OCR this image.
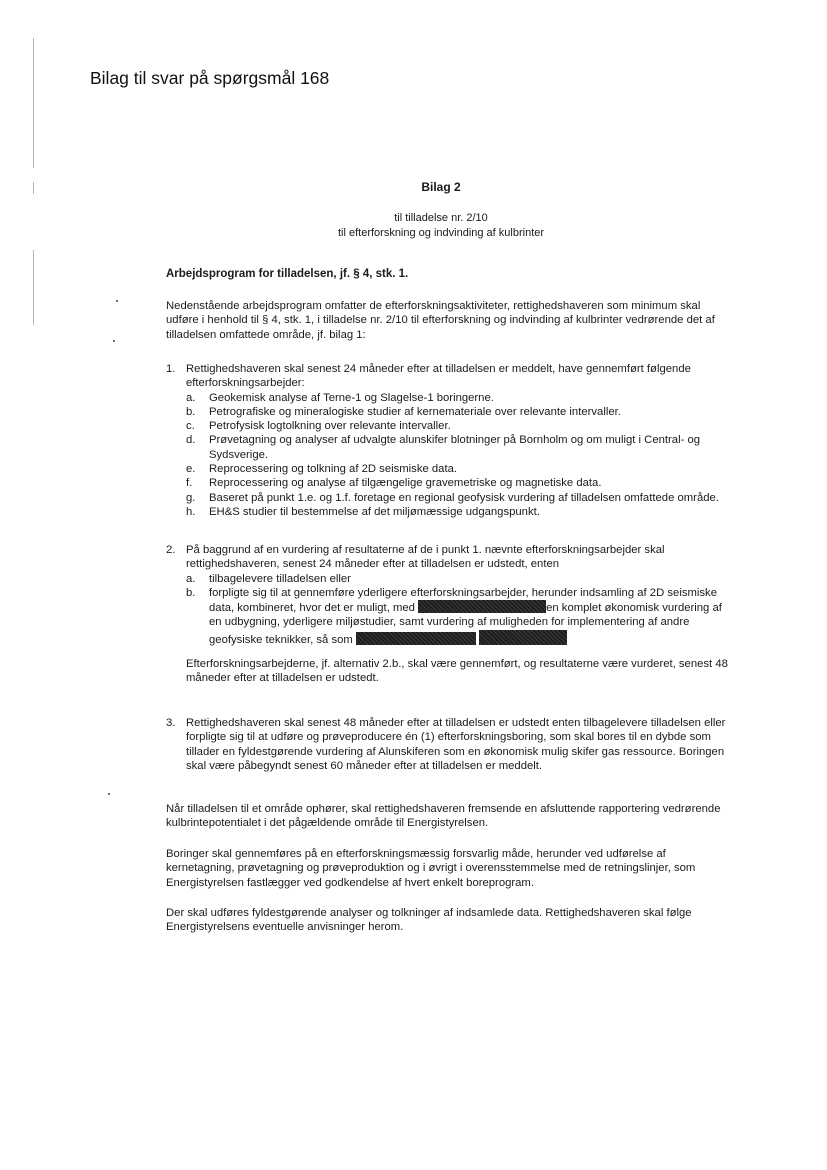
Bilag til svar på spørgsmål 168
Bilag 2
til tilladelse nr. 2/10
til efterforskning og indvinding af kulbrinter
Arbejdsprogram for tilladelsen, jf. § 4, stk. 1.
Nedenstående arbejdsprogram omfatter de efterforskningsaktiviteter, rettighedshaveren som minimum skal udføre i henhold til § 4, stk. 1, i tilladelse nr. 2/10 til efterforskning og indvinding af kulbrinter vedrørende det af tilladelsen omfattede område, jf. bilag 1:
1. Rettighedshaveren skal senest 24 måneder efter at tilladelsen er meddelt, have gennemført følgende efterforskningsarbejder:
a. Geokemisk analyse af Terne-1 og Slagelse-1 boringerne.
b. Petrografiske og mineralogiske studier af kernemateriale over relevante intervaller.
c. Petrofysisk logtolkning over relevante intervaller.
d. Prøvetagning og analyser af udvalgte alunskifer blotninger på Bornholm og om muligt i Central- og Sydsverige.
e. Reprocessering og tolkning af 2D seismiske data.
f. Reprocessering og analyse af tilgængelige gravemetriske og magnetiske data.
g. Baseret på punkt 1.e. og 1.f. foretage en regional geofysisk vurdering af tilladelsen omfattede område.
h. EH&S studier til bestemmelse af det miljømæssige udgangspunkt.
2. På baggrund af en vurdering af resultaterne af de i punkt 1. nævnte efterforskningsarbejder skal rettighedshaveren, senest 24 måneder efter at tilladelsen er udstedt, enten
a. tilbagelevere tilladelsen eller
b. forpligte sig til at gennemføre yderligere efterforskningsarbejder, herunder indsamling af 2D seismiske data, kombineret, hvor det er muligt, med	en komplet økonomisk vurdering af en udbygning, yderligere miljøstudier, samt vurdering af muligheden for implementering af andre geofysiske teknikker, så som
Efterforskningsarbejderne, jf. alternativ 2.b., skal være gennemført, og resultaterne være vurderet, senest 48 måneder efter at tilladelsen er udstedt.
3. Rettighedshaveren skal senest 48 måneder efter at tilladelsen er udstedt enten tilbagelevere tilladelsen eller forpligte sig til at udføre og prøveproducere én (1) efterforskningsboring, som skal bores til en dybde som tillader en fyldestgørende vurdering af Alunskiferen som en økonomisk mulig skifer gas ressource. Boringen skal være påbegyndt senest 60 måneder efter at tilladelsen er meddelt.
Når tilladelsen til et område ophører, skal rettighedshaveren fremsende en afsluttende rapportering vedrørende kulbrintepotentialet i det pågældende område til Energistyrelsen.
Boringer skal gennemføres på en efterforskningsmæssig forsvarlig måde, herunder ved udførelse af kernetagning, prøvetagning og prøveproduktion og i øvrigt i overensstemmelse med de retningslinjer, som Energistyrelsen fastlægger ved godkendelse af hvert enkelt boreprogram.
Der skal udføres fyldestgørende analyser og tolkninger af indsamlede data. Rettighedshaveren skal følge Energistyrelsens eventuelle anvisninger herom.
